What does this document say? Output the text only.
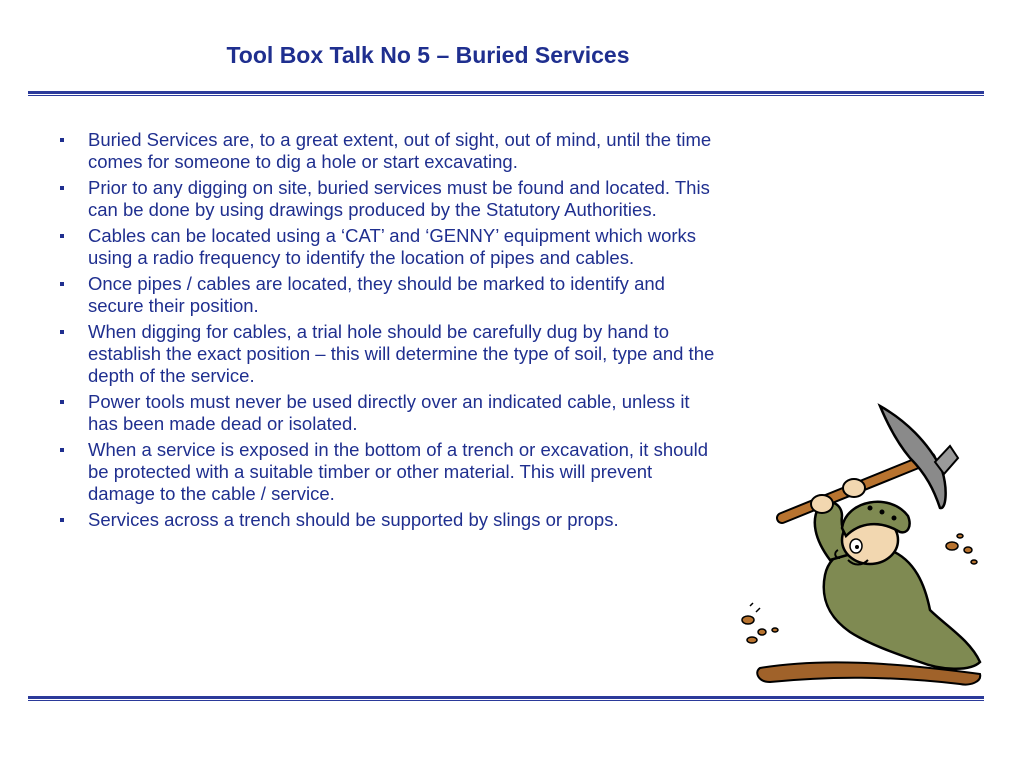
Tool Box Talk No 5 – Buried Services
Buried Services are, to a great extent, out of sight, out of mind, until the time comes for someone to dig a hole or start excavating.
Prior to any digging on site, buried services must be found and located. This can be done by using drawings produced by the Statutory Authorities.
Cables can be located using a ‘CAT’ and ‘GENNY’ equipment which works using a radio frequency to identify the location of pipes and cables.
Once pipes / cables are located, they should be marked to identify and secure their position.
When digging for cables, a trial hole should be carefully dug by hand to establish the exact position – this will determine the type of soil, type and the depth of the service.
Power tools must never be used directly over an indicated cable, unless it has been made dead or isolated.
When a service is exposed in the bottom of a trench or excavation, it should be protected with a suitable timber or other material. This will prevent damage to the cable / service.
Services across a trench should be supported by slings or props.
